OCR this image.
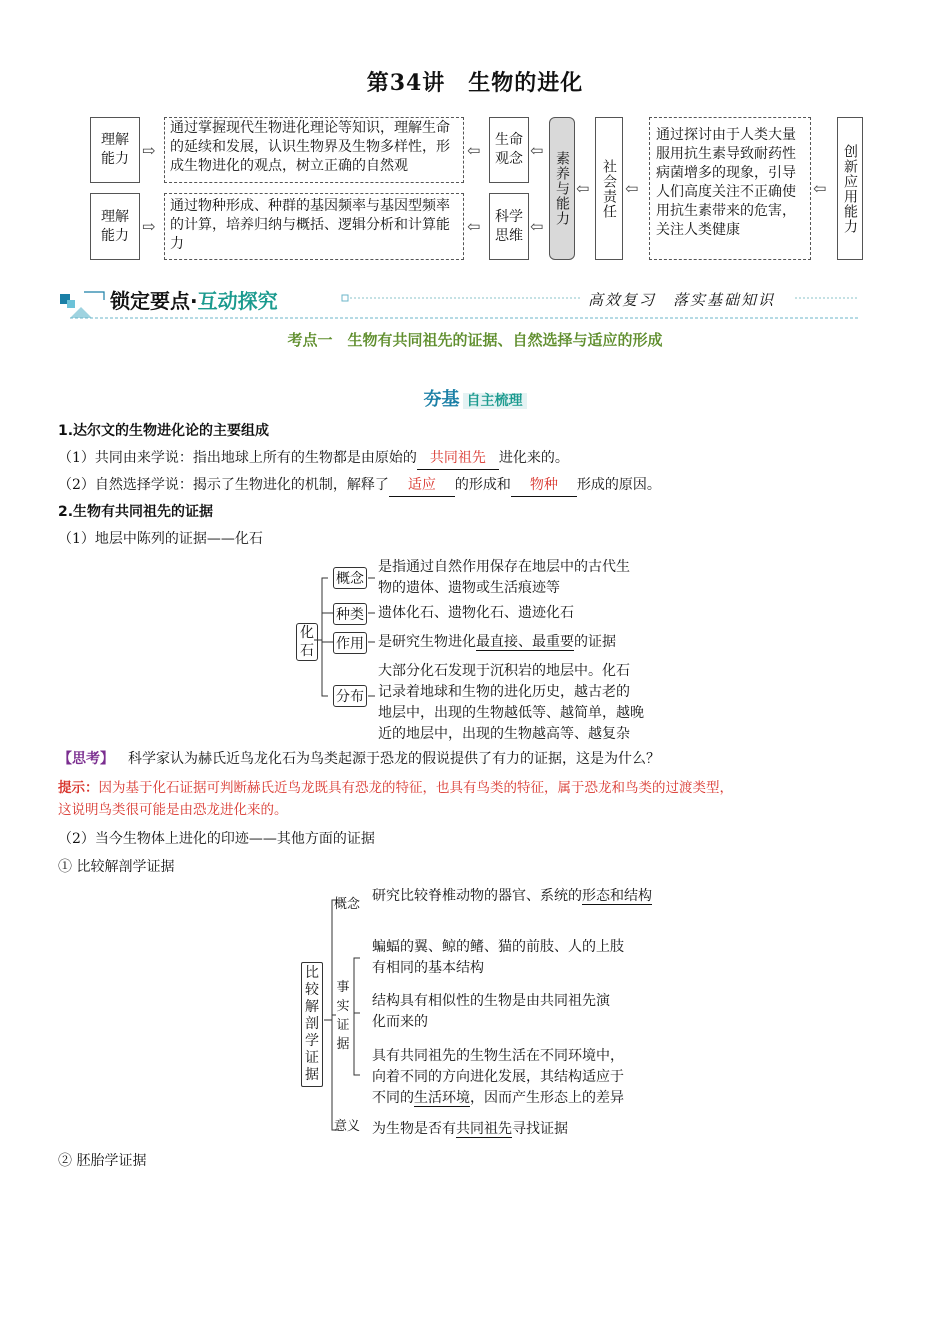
第34讲　生物的进化
理解能力 ⇨
通过掌握现代生物进化理论等知识，理解生命的延续和发展，认识生物界及生物多样性，形成生物进化的观点，树立正确的自然观
⇦
生命观念
理解能力 ⇨
通过物种形成、种群的基因频率与基因型频率的计算，培养归纳与概括、逻辑分析和计算能力
⇦
科学思维
⇦
⇦
素养与能力 ⇦ 社会责任 ⇦
通过探讨由于人类大量服用抗生素导致耐药性病菌增多的现象，引导人们高度关注不正确使用抗生素带来的危害，关注人类健康
⇦ 创新应用能力
锁定要点·互动探究	高效复习　落实基础知识
考点一　生物有共同祖先的证据、自然选择与适应的形成
夯基 自主梳理
1.达尔文的生物进化论的主要组成
（1）共同由来学说：指出地球上所有的生物都是由原始的 共同祖先 进化来的。
（2）自然选择学说：揭示了生物进化的机制，解释了 适应 的形成和 物种 形成的原因。
2.生物有共同祖先的证据
（1）地层中陈列的证据——化石
化石
概念
种类
作用
分布
是指通过自然作用保存在地层中的古代生
物的遗体、遗物或生活痕迹等
遗体化石、遗物化石、遗迹化石
是研究生物进化最直接、最重要的证据
大部分化石发现于沉积岩的地层中。化石
记录着地球和生物的进化历史，越古老的
地层中，出现的生物越低等、越简单，越晚
近的地层中，出现的生物越高等、越复杂
【思考】 科学家认为赫氏近鸟龙化石为鸟类起源于恐龙的假说提供了有力的证据，这是为什么？
提示：因为基于化石证据可判断赫氏近鸟龙既具有恐龙的特征，也具有鸟类的特征，属于恐龙和鸟类的过渡类型，
这说明鸟类很可能是由恐龙进化来的。
（2）当今生物体上进化的印迹——其他方面的证据
① 比较解剖学证据
比较解剖学证据
概念
事实证据
意义
研究比较脊椎动物的器官、系统的形态和结构
蝙蝠的翼、鲸的鳍、猫的前肢、人的上肢
有相同的基本结构
结构具有相似性的生物是由共同祖先演
化而来的
具有共同祖先的生物生活在不同环境中，
向着不同的方向进化发展，其结构适应于
不同的生活环境，因而产生形态上的差异
为生物是否有共同祖先寻找证据
② 胚胎学证据
